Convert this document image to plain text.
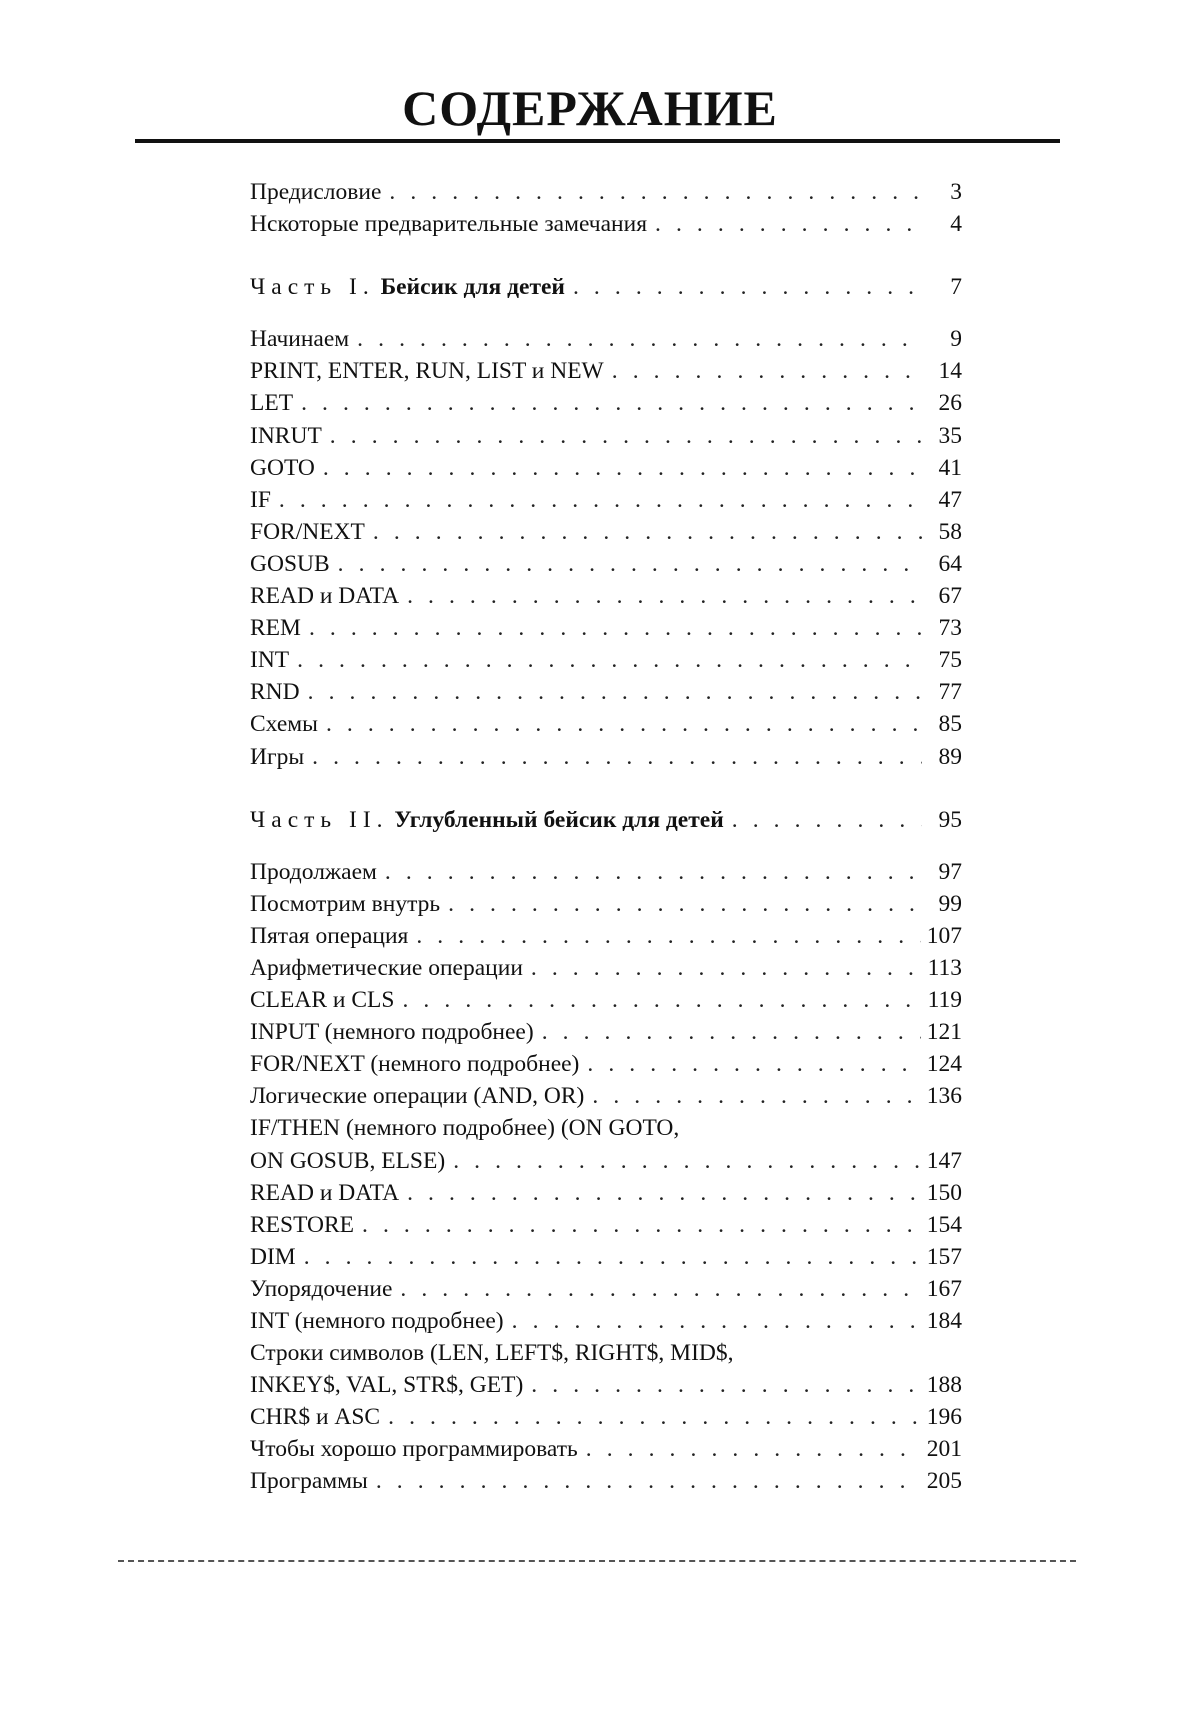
СОДЕРЖАНИЕ
Предисловие . . .	3
Нскоторые предварительные замечания . . .	4
Часть I. Бейсик для детей . . .	7
Начинаем . . .	9
PRINT, ENTER, RUN, LIST и NEW . . .	14
LET . . .	26
INRUT . . .	35
GOTO . . .	41
IF . . .	47
FOR/NEXT . . .	58
GOSUB . . .	64
READ и DATA . . .	67
REM . . .	73
INT . . .	75
RND . . .	77
Схемы . . .	85
Игры . . .	89
Часть II. Углубленный бейсик для детей . . .	95
Продолжаем . . .	97
Посмотрим внутрь . . .	99
Пятая операция . . .	107
Арифметические операции . . .	113
CLEAR и CLS . . .	119
INPUT (немного подробнее) . . .	121
FOR/NEXT (немного подробнее) . . .	124
Логические операции (AND, OR) . . .	136
IF/THEN (немного подробнее) (ON GOTO,
ON GOSUB, ELSE) . . .	147
READ и DATA . . .	150
RESTORE . . .	154
DIM . . .	157
Упорядочение . . .	167
INT (немного подробнее) . . .	184
Строки символов (LEN, LEFT$, RIGHT$, MID$,
INKEY$, VAL, STR$, GET) . . .	188
CHR$ и ASC . . .	196
Чтобы хорошо программировать . . .	201
Программы . . .	205
